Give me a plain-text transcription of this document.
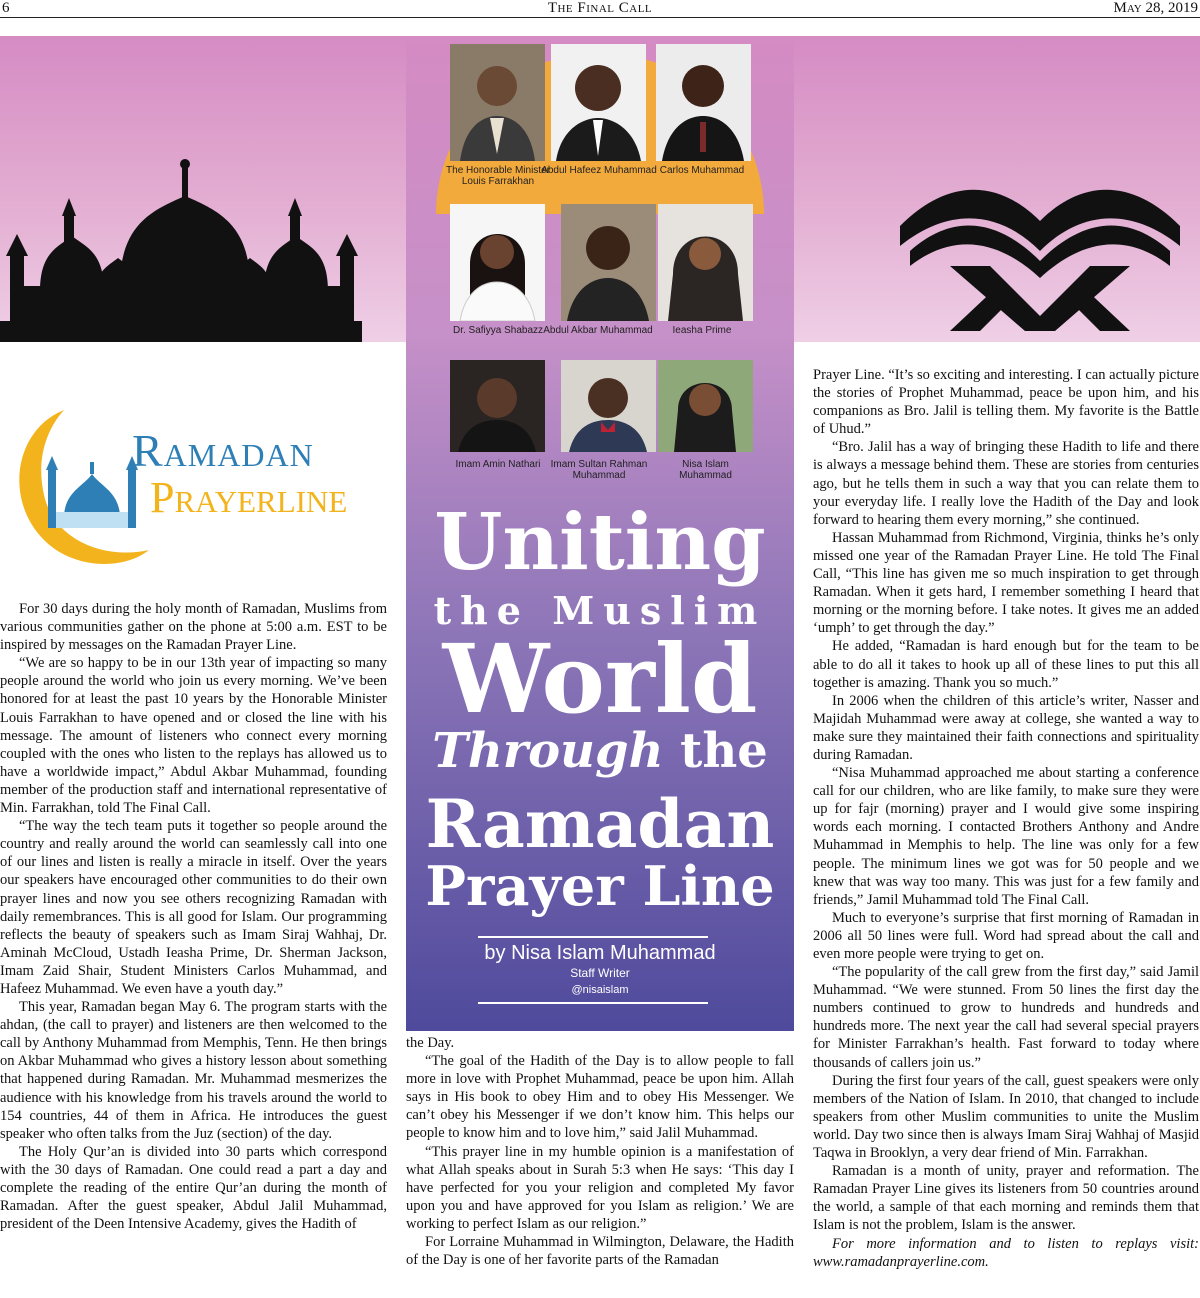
6	The Final Call	May 28, 2019
The Honorable Minister Louis Farrakhan
Abdul Hafeez Muhammad Carlos Muhammad
Dr. Safiyya Shabazz Abdul Akbar Muhammad	Ieasha Prime
Imam Amin Nathari	Imam Sultan Rahman Muhammad
Nisa Islam Muhammad
Uniting
the Muslim
World
Through the
Ramadan
Prayer Line
by Nisa Islam Muhammad
Staff Writer
@nisaislam
Ramadan
Prayerline

For 30 days during the holy month of Ramadan, Muslims from various communities gather on the phone at 5:00 a.m. EST to be inspired by messages on the Ramadan Prayer Line.

“We are so happy to be in our 13th year of impacting so many people around the world who join us every morning. We’ve been honored for at least the past 10 years by the Honorable Minister Louis Farrakhan to have opened and or closed the line with his message. The amount of listeners who connect every morning coupled with the ones who listen to the replays has allowed us to have a worldwide impact,” Abdul Akbar Muhammad, founding member of the production staff and international representative of Min. Farrakhan, told The Final Call.

“The way the tech team puts it together so people around the country and really around the world can seamlessly call into one of our lines and listen is really a miracle in itself. Over the years our speakers have encouraged other communities to do their own prayer lines and now you see others recognizing Ramadan with daily remembrances. This is all good for Islam. Our programming reflects the beauty of speakers such as Imam Siraj Wahhaj, Dr. Aminah McCloud, Ustadh Ieasha Prime, Dr. Sherman Jackson, Imam Zaid Shair, Student Ministers Carlos Muhammad, and Hafeez Muhammad. We even have a youth day.”

This year, Ramadan began May 6. The program starts with the ahdan, (the call to prayer) and listeners are then welcomed to the call by Anthony Muhammad from Memphis, Tenn. He then brings on Akbar Muhammad who gives a history lesson about something that happened during Ramadan. Mr. Muhammad mesmerizes the audience with his knowledge from his travels around the world to 154 countries, 44 of them in Africa. He introduces the guest speaker who often talks from the Juz (section) of the day.

The Holy Qur’an is divided into 30 parts which correspond with the 30 days of Ramadan. One could read a part a day and complete the reading of the entire Qur’an during the month of Ramadan. After the guest speaker, Abdul Jalil Muhammad, president of the Deen Intensive Academy, gives the Hadith of

the Day.

“The goal of the Hadith of the Day is to allow people to fall more in love with Prophet Muhammad, peace be upon him. Allah says in His book to obey Him and to obey His Messenger. We can’t obey his Messenger if we don’t know him. This helps our people to know him and to love him,” said Jalil Muhammad.

“This prayer line in my humble opinion is a manifestation of what Allah speaks about in Surah 5:3 when He says: ‘This day I have perfected for you your religion and completed My favor upon you and have approved for you Islam as religion.’ We are working to perfect Islam as our religion.”

For Lorraine Muhammad in Wilmington, Delaware, the Hadith of the Day is one of her favorite parts of the Ramadan

Prayer Line. “It’s so exciting and interesting. I can actually picture the stories of Prophet Muhammad, peace be upon him, and his companions as Bro. Jalil is telling them. My favorite is the Battle of Uhud.”

“Bro. Jalil has a way of bringing these Hadith to life and there is always a message behind them. These are stories from centuries ago, but he tells them in such a way that you can relate them to your everyday life. I really love the Hadith of the Day and look forward to hearing them every morning,” she continued.

Hassan Muhammad from Richmond, Virginia, thinks he’s only missed one year of the Ramadan Prayer Line. He told The Final Call, “This line has given me so much inspiration to get through Ramadan. When it gets hard, I remember something I heard that morning or the morning before. I take notes. It gives me an added ‘umph’ to get through the day.”

He added, “Ramadan is hard enough but for the team to be able to do all it takes to hook up all of these lines to put this all together is amazing. Thank you so much.”

In 2006 when the children of this article’s writer, Nasser and Majidah Muhammad were away at college, she wanted a way to make sure they maintained their faith connections and spirituality during Ramadan.

“Nisa Muhammad approached me about starting a conference call for our children, who are like family, to make sure they were up for fajr (morning) prayer and I would give some inspiring words each morning. I contacted Brothers Anthony and Andre Muhammad in Memphis to help. The line was only for a few people. The minimum lines we got was for 50 people and we knew that was way too many. This was just for a few family and friends,” Jamil Muhammad told The Final Call.

Much to everyone’s surprise that first morning of Ramadan in 2006 all 50 lines were full. Word had spread about the call and even more people were trying to get on.

“The popularity of the call grew from the first day,” said Jamil Muhammad. “We were stunned. From 50 lines the first day the numbers continued to grow to hundreds and hundreds and hundreds more. The next year the call had several special prayers for Minister Farrakhan’s health. Fast forward to today where thousands of callers join us.”

During the first four years of the call, guest speakers were only members of the Nation of Islam. In 2010, that changed to include speakers from other Muslim communities to unite the Muslim world. Day two since then is always Imam Siraj Wahhaj of Masjid Taqwa in Brooklyn, a very dear friend of Min. Farrakhan.

Ramadan is a month of unity, prayer and reformation. The Ramadan Prayer Line gives its listeners from 50 countries around the world, a sample of that each morning and reminds them that Islam is not the problem, Islam is the answer.

For more information and to listen to replays visit: www.ramadanprayerline.com.
